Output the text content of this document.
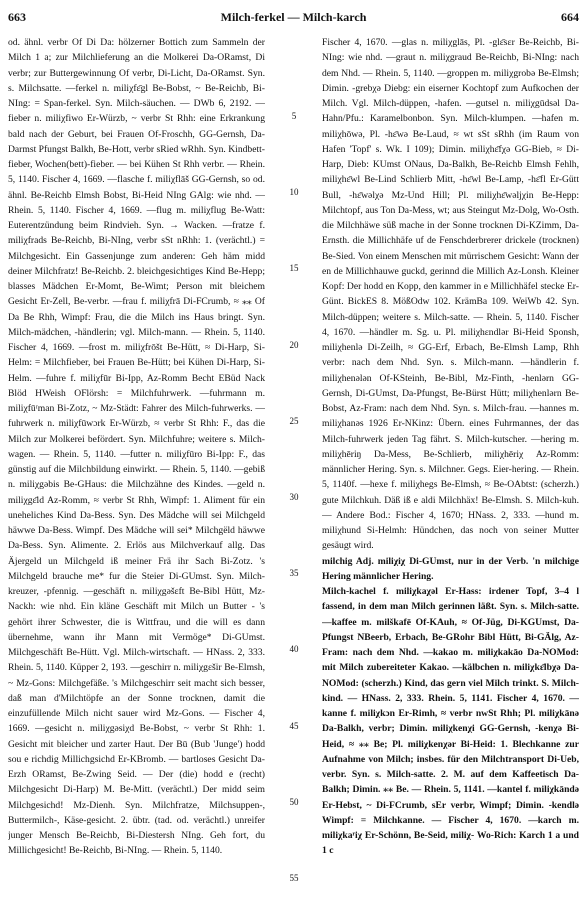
663	Milch-ferkel — Milch-karch	664

od. ähnl. verbr Of Di Da: hölzerner Bottich zum Sammeln der Milch 1 a; zur Milchlieferung an die Molkerei Da-ORamst, Di verbr; zur Buttergewinnung Of verbr, Di-Licht, Da-ORamst. Syn. s. Milchsatte. —ferkel n. miliχfɛ̄gl Be-Bobst, ~ Be-Reichb, Bi-NIng: = Span-ferkel. Syn. Milch-säuchen. — DWb 6, 2192. —fieber n. miliχfiwo Er-Würzb, ~ verbr St Rhh: eine Erkrankung bald nach der Geburt, bei Frauen Of-Froschh, GG-Gernsh, Da-Darmst Pfungst Balkh, Be-Hott, verbr sRied wRhh. Syn. Kindbett-fieber, Wochen(bett)-fieber. — bei Kühen St Rhh verbr. — Rhein. 5, 1140. Fischer 4, 1669. —flasche f. miliχflāš GG-Gernsh, so od. ähnl. Be-Reichb Elmsh Bobst, Bi-Heid NIng GAlg: wie nhd. — Rhein. 5, 1140. Fischer 4, 1669. —flug m. miliχflug Be-Watt: Euterentzündung beim Rindvieh. Syn. → Wacken. —fratze f. miliχfrads Be-Reichb, Bi-NIng, verbr sSt nRhh: 1. (verächtl.) = Milchgesicht. Ein Gassenjunge zum anderen: Geh häm midd deiner Milchfratz! Be-Reichb. 2. bleichgesichtiges Kind Be-Hepp; blasses Mädchen Er-Momt, Be-Wimt; Person mit bleichem Gesicht Er-Zell, Be-verbr. —frau f. miliχfrā Di-FCrumb, ≈ ⁎⁎ Of Da Be Rhh, Wimpf: Frau, die die Milch ins Haus bringt. Syn. Milch-mädchen, -händlerin; vgl. Milch-mann. — Rhein. 5, 1140. Fischer 4, 1669. —frost m. miliχfrōšt Be-Hütt, ≈ Di-Harp, Si-Helm: = Milchfieber, bei Frauen Be-Hütt; bei Kühen Di-Harp, Si-Helm. —fuhre f. miliχfūr Bi-Ipp, Az-Romm Becht EBüd Nack Blöd HWeish OFlörsh: = Milchfuhrwerk. —fuhrmann m. miliχfūʳman Bi-Zotz, ~ Mz-Städt: Fahrer des Milch-fuhrwerks. —fuhrwerk n. miliχfūwɔrk Er-Würzb, ≈ verbr St Rhh: F., das die Milch zur Molkerei befördert. Syn. Milchfuhre; weitere s. Milch-wagen. — Rhein. 5, 1140. —futter n. miliχfūro Bi-Ipp: F., das günstig auf die Milchbildung einwirkt. — Rhein. 5, 1140. —gebiß n. miliχgəbis Be-GHaus: die Milchzähne des Kindes. —geld n. miliχgɛ̄ld Az-Romm, ≈ verbr St Rhh, Wimpf: 1. Aliment für ein uneheliches Kind Da-Bess. Syn. Des Mädche will sei Milchgeld häwwe Da-Bess. Wimpf. Des Mädche will sei* Milchgëld häwwe Da-Bess. Syn. Alimente. 2. Erlös aus Milchverkauf allg. Das Äjergeld un Milchgeld iß meiner Frä ihr Sach Bi-Zotz. 's Milchgeld brauche me* fur die Steier Di-GUmst. Syn. Milch-kreuzer, -pfennig. —geschäft n. miliχgəšɛft Be-Bibl Hütt, Mz-Nackh: wie nhd. Ein kläne Geschäft mit Milch un Butter - 's gehört ihrer Schwester, die is Wittfrau, und die will es dann übernehme, wann ihr Mann mit Vermöge* Di-GUmst. Milchgeschäft Be-Hütt. Vgl. Milch-wirtschaft. — HNass. 2, 333. Rhein. 5, 1140. Küpper 2, 193. —geschirr n. miliχgɛšir Be-Elmsh, ~ Mz-Gons: Milchgefäße. 's Milchgeschirr seit macht sich besser, daß man d'Milchtöpfe an der Sonne trocknen, damit die einzufüllende Milch nicht sauer wird Mz-Gons. — Fischer 4, 1669. —gesicht n. miliχgəsiχd Be-Bobst, ~ verbr St Rhh: 1. Gesicht mit bleicher und zarter Haut. Der Bū (Bub 'Junge') hodd sou e richdig Millichgsichd Er-KBromb. — bartloses Gesicht Da-Erzh ORamst, Be-Zwing Seid. — Der (die) hodd e (recht) Milchgesicht Di-Harp) M. Be-Mitt. (verächtl.) Der midd seim Milchgesichd! Mz-Dienh. Syn. Milchfratze, Milchsuppen-, Buttermilch-, Käse-gesicht. 2. übtr. (tad. od. verächtl.) unreifer junger Mensch Be-Reichb, Bi-Diestersh NIng. Geh fort, du Millichgesicht! Be-Reichb, Bi-NIng. — Rhein. 5, 1140.

5
10
15
20
25
30
35
40
45
50
55

Fischer 4, 1670. —glas n. miliχglās, Pl. -glɛ̄sɛr Be-Reichb, Bi-NIng: wie nhd. —graut n. miliχgraud Be-Reichb, Bi-NIng: nach dem Nhd. — Rhein. 5, 1140. —groppen m. miliχgrobə Be-Elmsh; Dimin. -grebχə Diebg: ein eiserner Kochtopf zum Aufkochen der Milch. Vgl. Milch-düppen, -hafen. —gutsel n. miliχgūdsəl Da-Hahn/Pfu.: Karamelbonbon. Syn. Milch-klumpen. —hafen m. miliχhōwə, Pl. -hɛ̄wə Be-Laud, ≈ wt sSt sRhh (im Raum von Hafen 'Topf' s. Wk. I 109); Dimin. miliχhɛ̄fχə GG-Bieb, ≈ Di-Harp, Dieb: KUmst ONaus, Da-Balkh, Be-Reichb Elmsh Fehlh, miliχhɛ̄wl Be-Lind Schlierb Mitt, -hɛ̄wl Be-Lamp, -hɛ̄fl Er-Gütt Bull, -hɛ̄wəlχə Mz-Und Hill; Pl. miliχhɛ̄wəljχin Be-Hepp: Milchtopf, aus Ton Da-Mess, wt; aus Steingut Mz-Dolg, Wo-Osth. die Milchhäwe süß mache in der Sonne trocknen Di-KZimm, Da-Ernsth. die Millichhäfe uf de Fenschderbrerer drickele (trocknen) Be-Sied. Von einem Menschen mit mürrischem Gesicht: Wann der en de Millichhauwe guckd, gerinnd die Millich Az-Lonsh. Kleiner Kopf: Der hodd en Kopp, den kammer in e Millichhäfel stecke Er-Günt. BickES 8. MößOdw 102. KrämBa 109. WeiWb 42. Syn. Milch-düppen; weitere s. Milch-satte. — Rhein. 5, 1140. Fischer 4, 1670. —händler m. Sg. u. Pl. miliχhɛndlər Bi-Heid Sponsh, miliχhenlə Di-Zeilh, ≈ GG-Erf, Erbach, Be-Elmsh Lamp, Rhh verbr: nach dem Nhd. Syn. s. Milch-mann. —händlerin f. miliχhenələn Of-KSteinh, Be-Bibl, Mz-Finth, -henlərn GG-Gernsh, Di-GUmst, Da-Pfungst, Be-Bürst Hütt; miliχhenlərn Be-Bobst, Az-Fram: nach dem Nhd. Syn. s. Milch-frau. —hannes m. miliχhanəs 1926 Er-NKinz: Übern. eines Fuhrmannes, der das Milch-fuhrwerk jeden Tag fährt. S. Milch-kutscher. —hering m. miliχhēriŋ Da-Mess, Be-Schlierb, miliχhēriχ Az-Romm: männlicher Hering. Syn. s. Milchner. Gegs. Eier-hering. — Rhein. 5, 1140f. —hexe f. miliχhegs Be-Elmsh, ≈ Be-OAbtst: (scherzh.) gute Milchkuh. Däß iß e aldi Milchhäx! Be-Elmsh. S. Milch-kuh. — Andere Bod.: Fischer 4, 1670; HNass. 2, 333. —hund m. miliχhund Si-Helmh: Hündchen, das noch von seiner Mutter gesäugt wird.

milchig Adj. miliχiχ Di-GUmst, nur in der Verb. 'n milchige Hering männlicher Hering.

Milch-kachel f. miliχkaχəl Er-Hass: irdener Topf, 3–4 l fassend, in dem man Milch gerinnen läßt. Syn. s. Milch-satte. —kaffee m. milškafē Of-KAuh, ≈ Of-Jüg, Di-KGUmst, Da-Pfungst NBeerb, Erbach, Be-GRohr Bibl Hütt, Bi-GÄlg, Az-Fram: nach dem Nhd. —kakao m. miliχkakāo Da-NOMod: mit Milch zubereiteter Kakao. —kälbchen n. miliχkɛ̄lbχə Da-NOMod: (scherzh.) Kind, das gern viel Milch trinkt. S. Milch-kind. — HNass. 2, 333. Rhein. 5, 1141. Fischer 4, 1670. —kanne f. miliχkɔn Er-Rimh, ≈ verbr nwSt Rhh; Pl. miliχkānə Da-Balkh, verbr; Dimin. miliχkenχi GG-Gernsh, -kenχə Bi-Heid, ≈ ⁎⁎ Be; Pl. miliχkenχər Bi-Heid: 1. Blechkanne zur Aufnahme von Milch; insbes. für den Milchtransport Di-Ueb, verbr. Syn. s. Milch-satte. 2. M. auf dem Kaffeetisch Da-Balkh; Dimin. ⁎⁎ Be. — Rhein. 5, 1141. —kantel f. miliχkāndə Er-Hebst, ~ Di-FCrumb, sEr verbr, Wimpf; Dimin. -kendlə Wimpf: = Milchkanne. — Fischer 4, 1670. —karch m. miliχkaʳiχ Er-Schönn, Be-Seid, miliχ- Wo-Rich: Karch 1 a und 1 c
